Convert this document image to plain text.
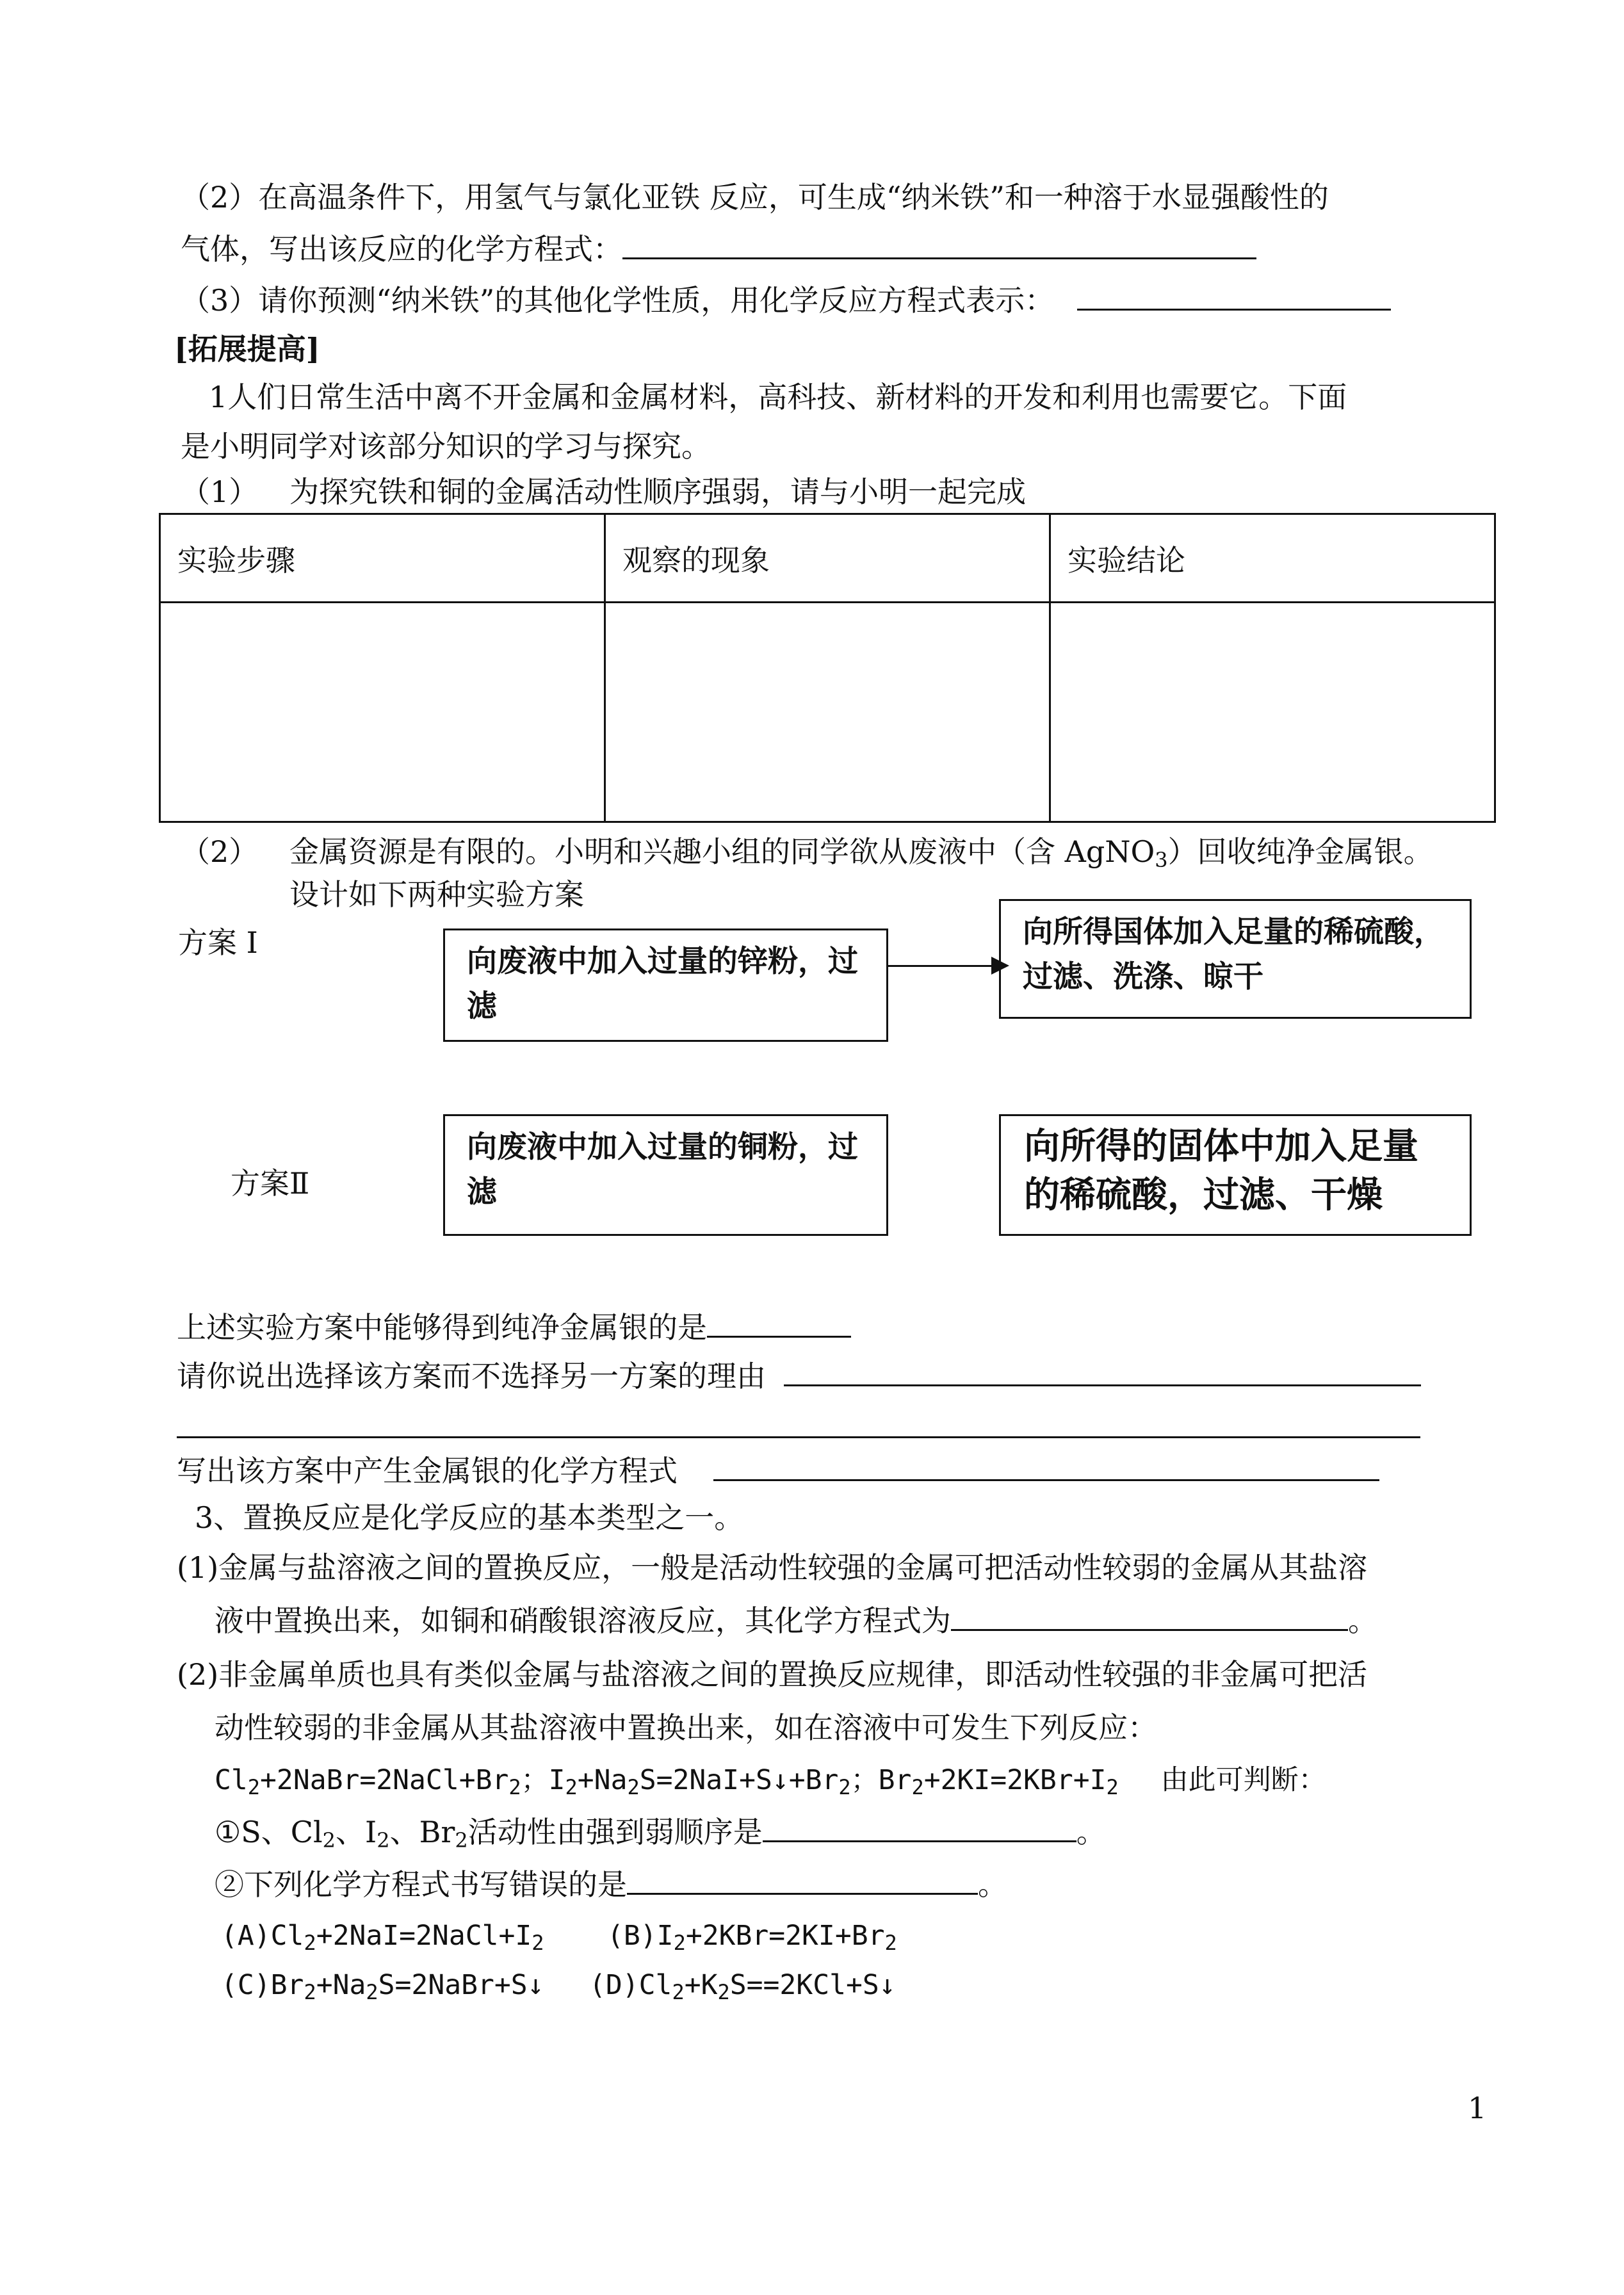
（2）在高温条件下，用氢气与氯化亚铁 反应，可生成“纳米铁”和一种溶于水显强酸性的
气体，写出该反应的化学方程式：
（3）请你预测“纳米铁”的其他化学性质，用化学反应方程式表示：
[拓展提高]
1人们日常生活中离不开金属和金属材料，高科技、新材料的开发和利用也需要它。下面
是小明同学对该部分知识的学习与探究。
（1） 为探究铁和铜的金属活动性顺序强弱，请与小明一起完成
实验步骤	观察的现象	实验结论

（2） 金属资源是有限的。小明和兴趣小组的同学欲从废液中（含 AgNO$_3$）回收纯净金属银。
设计如下两种实验方案
方案 Ⅰ
向废液中加入过量的锌粉，过滤
向所得国体加入足量的稀硫酸，过滤、洗涤、晾干
方案Ⅱ
向废液中加入过量的铜粉，过滤
向所得的固体中加入足量的稀硫酸，过滤、干燥
上述实验方案中能够得到纯净金属银的是
请你说出选择该方案而不选择另一方案的理由
写出该方案中产生金属银的化学方程式
3、置换反应是化学反应的基本类型之一。
(1)金属与盐溶液之间的置换反应，一般是活动性较强的金属可把活动性较弱的金属从其盐溶
液中置换出来，如铜和硝酸银溶液反应，其化学方程式为	。
(2)非金属单质也具有类似金属与盐溶液之间的置换反应规律，即活动性较强的非金属可把活
动性较弱的非金属从其盐溶液中置换出来，如在溶液中可发生下列反应：
$Cl_2+2NaBr=2NaCl+Br_2$；$I_2+Na_2S=2NaI+S↓+Br_2$；$Br_2+2KI=2KBr+I_2$ 由此可判断：
①S、$Cl_2$、$I_2$、$Br_2$活动性由强到弱顺序是	。
②下列化学方程式书写错误的是	。
$(A)Cl_2+2NaI=2NaCl+I_2$ $(B)I_2+2KBr=2KI+Br_2$
$(C)Br_2+Na_2S=2NaBr+S↓$ $(D)Cl_2+K_2S==2KCl+S↓$
1
